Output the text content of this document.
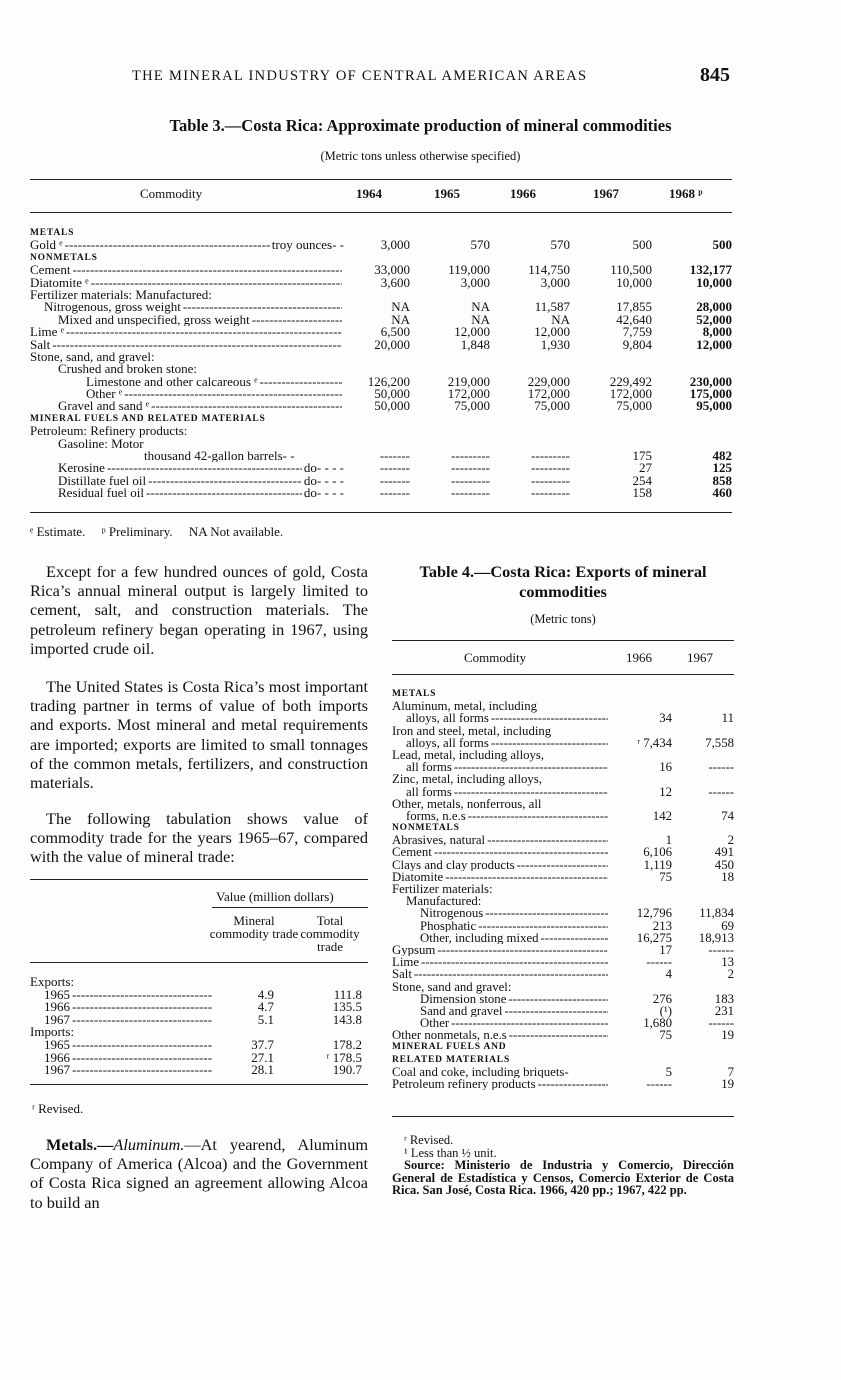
THE MINERAL INDUSTRY OF CENTRAL AMERICAN AREAS	845
Table 3.—Costa Rica: Approximate production of mineral commodities
(Metric tons unless otherwise specified)
Commodity	1964	1965	1966	1967	1968 ᵖ
METALS
Gold ᵉ - - -	troy ounces - -	3,000	570	570	500	500
NONMETALS
Cement - - -	33,000	119,000	114,750	110,500	132,177
Diatomite ᵉ - - -	3,600	3,000	3,000	10,000	10,000
Fertilizer materials: Manufactured:
Nitrogenous, gross weight - - -	NA	NA	11,587	17,855	28,000
Mixed and unspecified, gross weight - - -	NA	NA	NA	42,640	52,000
Lime ᵉ - - -	6,500	12,000	12,000	7,759	8,000
Salt - - -	20,000	1,848	1,930	9,804	12,000
Stone, sand, and gravel:
Crushed and broken stone:
Limestone and other calcareous ᵉ - - -	126,200	219,000	229,000	229,492	230,000
Other ᵉ - - -	50,000	172,000	172,000	172,000	175,000
Gravel and sand ᵉ - - -	50,000	75,000	75,000	75,000	95,000
MINERAL FUELS AND RELATED MATERIALS
Petroleum: Refinery products:
Gasoline: Motor
thousand 42-gallon barrels - -	-------	---------	---------	175	482
Kerosine - - -	do - - - -	-------	---------	---------	27	125
Distillate fuel oil - - -	do - - - -	-------	---------	---------	254	858
Residual fuel oil - - -	do - - - -	-------	---------	---------	158	460
ᵉ Estimate.     ᵖ Preliminary.     NA Not available.
Except for a few hundred ounces of gold, Costa Rica’s annual mineral output is largely limited to cement, salt, and construction materials. The petroleum refinery began operating in 1967, using imported crude oil.
The United States is Costa Rica’s most important trading partner in terms of value of both imports and exports. Most mineral and metal requirements are imported; exports are limited to small tonnages of the common metals, fertilizers, and construction materials.
The following tabulation shows value of commodity trade for the years 1965–67, compared with the value of mineral trade:
Value (million dollars)
Mineral commodity trade
Total commodity trade
Exports:
1965 - - -	4.9	111.8
1966 - - -	4.7	135.5
1967 - - -	5.1	143.8
Imports:
1965 - - -	37.7	178.2
1966 - - -	27.1	ʳ 178.5
1967 - - -	28.1	190.7
ʳ Revised.
Metals.—Aluminum.—At yearend, Aluminum Company of America (Alcoa) and the Government of Costa Rica signed an agreement allowing Alcoa to build an
Table 4.—Costa Rica: Exports of mineral commodities
(Metric tons)
Commodity	1966	1967
METALS
Aluminum, metal, including
alloys, all forms - - -	34	11
Iron and steel, metal, including
alloys, all forms - - -	ʳ 7,434	7,558
Lead, metal, including alloys,
all forms - - -	16	------
Zinc, metal, including alloys,
all forms - - -	12	------
Other, metals, nonferrous, all
forms, n.e.s - - -	142	74
NONMETALS
Abrasives, natural - - -	1	2
Cement - - -	6,106	491
Clays and clay products - - -	1,119	450
Diatomite - - -	75	18
Fertilizer materials:
Manufactured:
Nitrogenous - - -	12,796	11,834
Phosphatic - - -	213	69
Other, including mixed - - -	16,275	18,913
Gypsum - - -	17	------
Lime - - -	------	13
Salt - - -	4	2
Stone, sand and gravel:
Dimension stone - - -	276	183
Sand and gravel - - -	(¹)	231
Other - - -	1,680	------
Other nonmetals, n.e.s - - -	75	19
MINERAL FUELS AND
RELATED MATERIALS
Coal and coke, including briquets -	5	7
Petroleum refinery products - - -	------	19
ʳ Revised.
¹ Less than ½ unit.
Source: Ministerio de Industria y Comercio, Dirección General de Estadística y Censos, Comercio Exterior de Costa Rica. San José, Costa Rica. 1966, 420 pp.; 1967, 422 pp.
